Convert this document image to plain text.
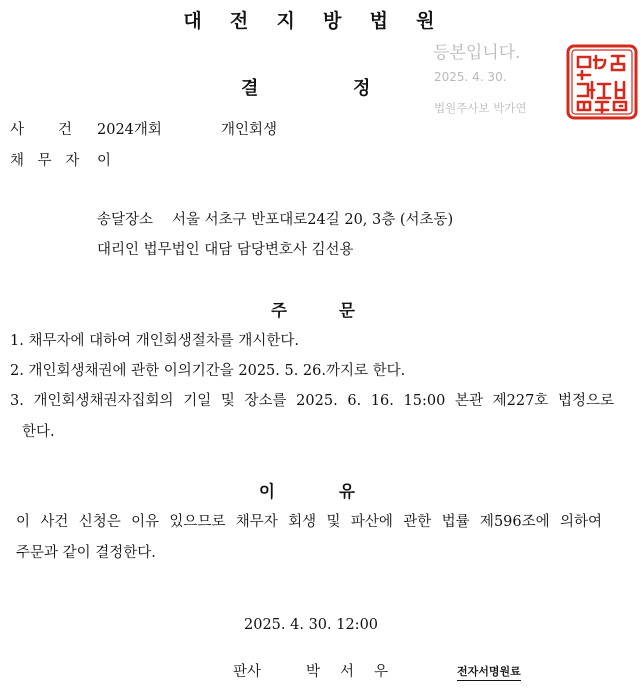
대 전 지 방 법 원
결	정
등본입니다.
2025. 4. 30.
법원주사보 박가연
사 건 2024개회	개인회생
채 무 자 이
송달장소 서울 서초구 반포대로24길 20, 3층 (서초동)
대리인 법무법인 대담 담당변호사 김선용
주	문
1. 채무자에 대하여 개인회생절차를 개시한다.
2. 개인회생채권에 관한 이의기간을 2025. 5. 26.까지로 한다.
3. 개인회생채권자집회의 기일 및 장소를 2025. 6. 16. 15:00 본관 제227호 법정으로
한다.
이	유
이 사건 신청은 이유 있으므로 채무자 회생 및 파산에 관한 법률 제596조에 의하여
주문과 같이 결정한다.
2025. 4. 30. 12:00
판사	박 서 우	전자서명원료
